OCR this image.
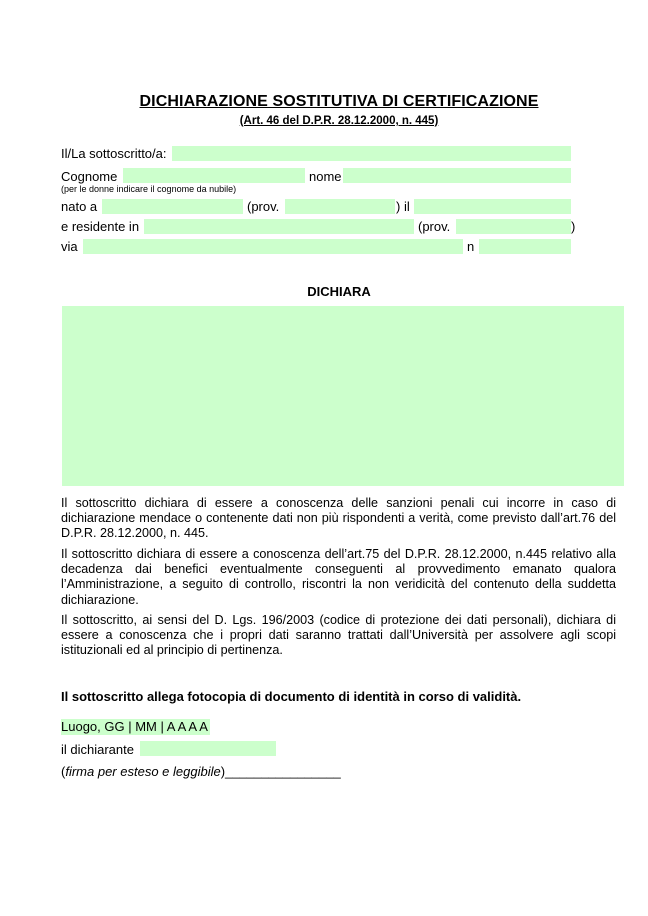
DICHIARAZIONE SOSTITUTIVA DI CERTIFICAZIONE
(Art. 46 del D.P.R. 28.12.2000, n. 445)
Il/La sottoscritto/a:
Cognome	nome
(per le donne indicare il cognome da nubile)
nato a	(prov.	) il
e residente in	(prov.	)
via	n
DICHIARA
Il sottoscritto dichiara di essere a conoscenza delle sanzioni penali cui incorre in caso di dichiarazione mendace o contenente dati non più rispondenti a verità, come previsto dall’art.76 del D.P.R. 28.12.2000, n. 445.
Il sottoscritto dichiara di essere a conoscenza dell’art.75 del D.P.R. 28.12.2000, n.445 relativo alla decadenza dai benefici eventualmente conseguenti al provvedimento emanato qualora l’Amministrazione, a seguito di controllo, riscontri la non veridicità del contenuto della suddetta dichiarazione.
Il sottoscritto, ai sensi del D. Lgs. 196/2003 (codice di protezione dei dati personali), dichiara di essere a conoscenza che i propri dati saranno trattati dall’Università per assolvere agli scopi istituzionali ed al principio di pertinenza.
Il sottoscritto allega fotocopia di documento di identità in corso di validità.
Luogo, GG | MM | A A A A
il dichiarante
(firma per esteso e leggibile)________________
